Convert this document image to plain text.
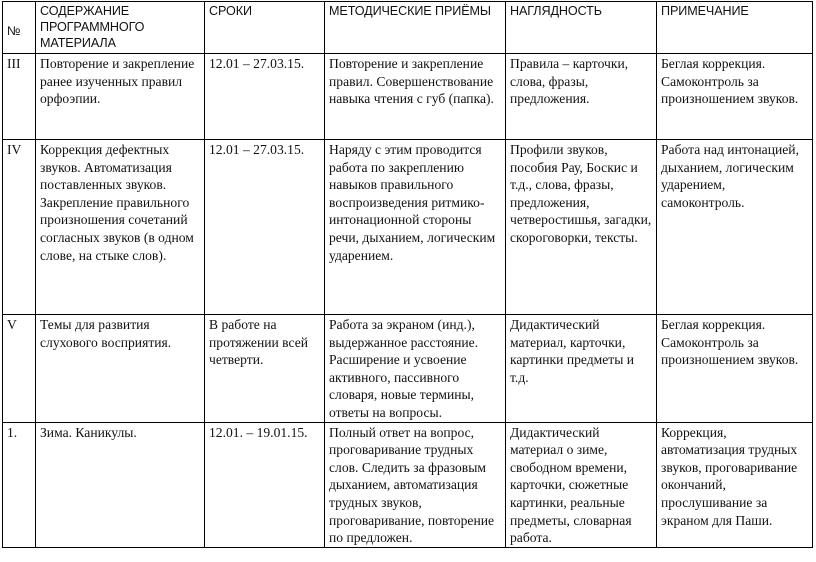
№	СОДЕРЖАНИЕ ПРОГРАММНОГО МАТЕРИАЛА	СРОКИ	МЕТОДИЧЕСКИЕ ПРИЁМЫ	НАГЛЯДНОСТЬ	ПРИМЕЧАНИЕ
III	Повторение и закрепление ранее изученных правил орфоэпии.	12.01 – 27.03.15.	Повторение и закрепление правил. Совершенствование навыка чтения с губ (папка).	Правила – карточки, слова, фразы, предложения.	Беглая коррекция. Самоконтроль за произношением звуков.
IV	Коррекция дефектных звуков. Автоматизация поставленных звуков. Закрепление правильного произношения сочетаний согласных звуков (в одном слове, на стыке слов).	12.01 – 27.03.15.	Наряду с этим проводится работа по закреплению навыков правильного воспроизведения ритмико-интонационной стороны речи, дыханием, логическим ударением.	Профили звуков, пособия Рау, Боскис и т.д., слова, фразы, предложения, четверостишья, загадки, скороговорки, тексты.	Работа над интонацией, дыханием, логическим ударением, самоконтроль.
V	Темы для развития слухового восприятия.	В работе на протяжении всей четверти.	Работа за экраном (инд.), выдержанное расстояние. Расширение и усвоение активного, пассивного словаря, новые термины, ответы на вопросы.	Дидактический материал, карточки, картинки предметы и т.д.	Беглая коррекция. Самоконтроль за произношением звуков.
1.	Зима. Каникулы.	12.01. – 19.01.15.	Полный ответ на вопрос, проговаривание трудных слов. Следить за фразовым дыханием, автоматизация трудных звуков, проговаривание, повторение по предложен.	Дидактический материал о зиме, свободном времени, карточки, сюжетные картинки, реальные предметы, словарная работа.	Коррекция, автоматизация трудных звуков, проговаривание окончаний, прослушивание за экраном для Паши.
